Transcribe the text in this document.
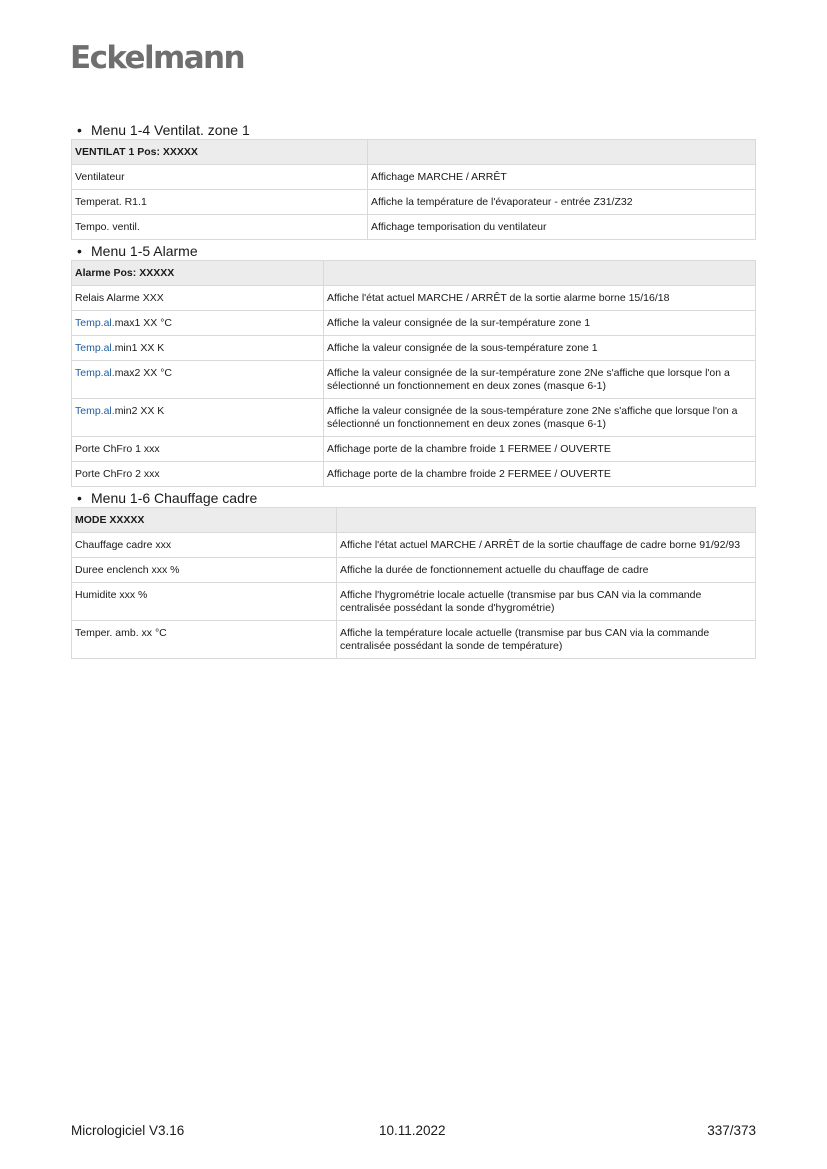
Eckelmann
• Menu 1-4 Ventilat. zone 1
VENTILAT 1 Pos: XXXXX	
Ventilateur	Affichage MARCHE / ARRÊT
Temperat. R1.1	Affiche la température de l'évaporateur - entrée Z31/Z32
Tempo. ventil.	Affichage temporisation du ventilateur
• Menu 1-5 Alarme
Alarme Pos: XXXXX	
Relais Alarme XXX	Affiche l'état actuel MARCHE / ARRÊT de la sortie alarme borne 15/16/18
Temp.al.max1 XX °C	Affiche la valeur consignée de la sur-température zone 1
Temp.al.min1 XX K	Affiche la valeur consignée de la sous-température zone 1
Temp.al.max2 XX °C	Affiche la valeur consignée de la sur-température zone 2Ne s'affiche que lorsque l'on a sélectionné un fonctionnement en deux zones (masque 6-1)
Temp.al.min2 XX K	Affiche la valeur consignée de la sous-température zone 2Ne s'affiche que lorsque l'on a sélectionné un fonctionnement en deux zones (masque 6-1)
Porte ChFro 1 xxx	Affichage porte de la chambre froide 1 FERMEE / OUVERTE
Porte ChFro 2 xxx	Affichage porte de la chambre froide 2 FERMEE / OUVERTE
• Menu 1-6 Chauffage cadre
MODE XXXXX	
Chauffage cadre xxx	Affiche l'état actuel MARCHE / ARRÊT de la sortie chauffage de cadre borne 91/92/93
Duree enclench xxx %	Affiche la durée de fonctionnement actuelle du chauffage de cadre
Humidite xxx %	Affiche l'hygrométrie locale actuelle (transmise par bus CAN via la commande centralisée possédant la sonde d'hygrométrie)
Temper. amb. xx °C	Affiche la température locale actuelle (transmise par bus CAN via la commande centralisée possédant la sonde de température)
Micrologiciel V3.16	10.11.2022	337/373
